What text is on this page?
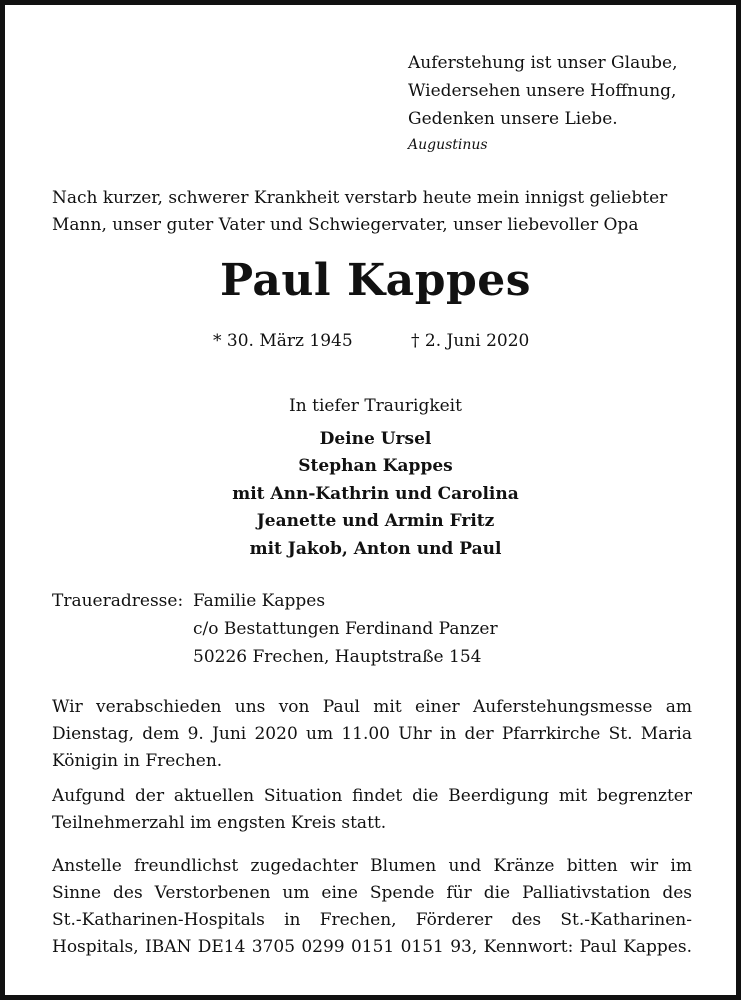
Auferstehung ist unser Glaube,

Wiedersehen unsere Hoffnung,

Gedenken unsere Liebe.

Augustinus

Nach kurzer, schwerer Krankheit verstarb heute mein innigst geliebter

Mann, unser guter Vater und Schwiegervater, unser liebevoller Opa

Paul Kappes

* 30. März 1945	† 2. Juni 2020

In tiefer Traurigkeit

Deine Ursel

Stephan Kappes

mit Ann-Kathrin und Carolina

Jeanette und Armin Fritz

mit Jakob, Anton und Paul

Traueradresse: Familie Kappes

c/o Bestattungen Ferdinand Panzer

50226 Frechen, Hauptstraße 154

Wir verabschieden uns von Paul mit einer Auferstehungsmesse am
Dienstag, dem 9. Juni 2020 um 11.00 Uhr in der Pfarrkirche St. Maria
Königin in Frechen.
Aufgund der aktuellen Situation findet die Beerdigung mit begrenzter
Teilnehmerzahl im engsten Kreis statt.
Anstelle freundlichst zugedachter Blumen und Kränze bitten wir im
Sinne des Verstorbenen um eine Spende für die Palliativstation des
St.-Katharinen-Hospitals in Frechen, Förderer des St.-Katharinen-
Hospitals, IBAN DE14 3705 0299 0151 0151 93, Kennwort: Paul Kappes.
